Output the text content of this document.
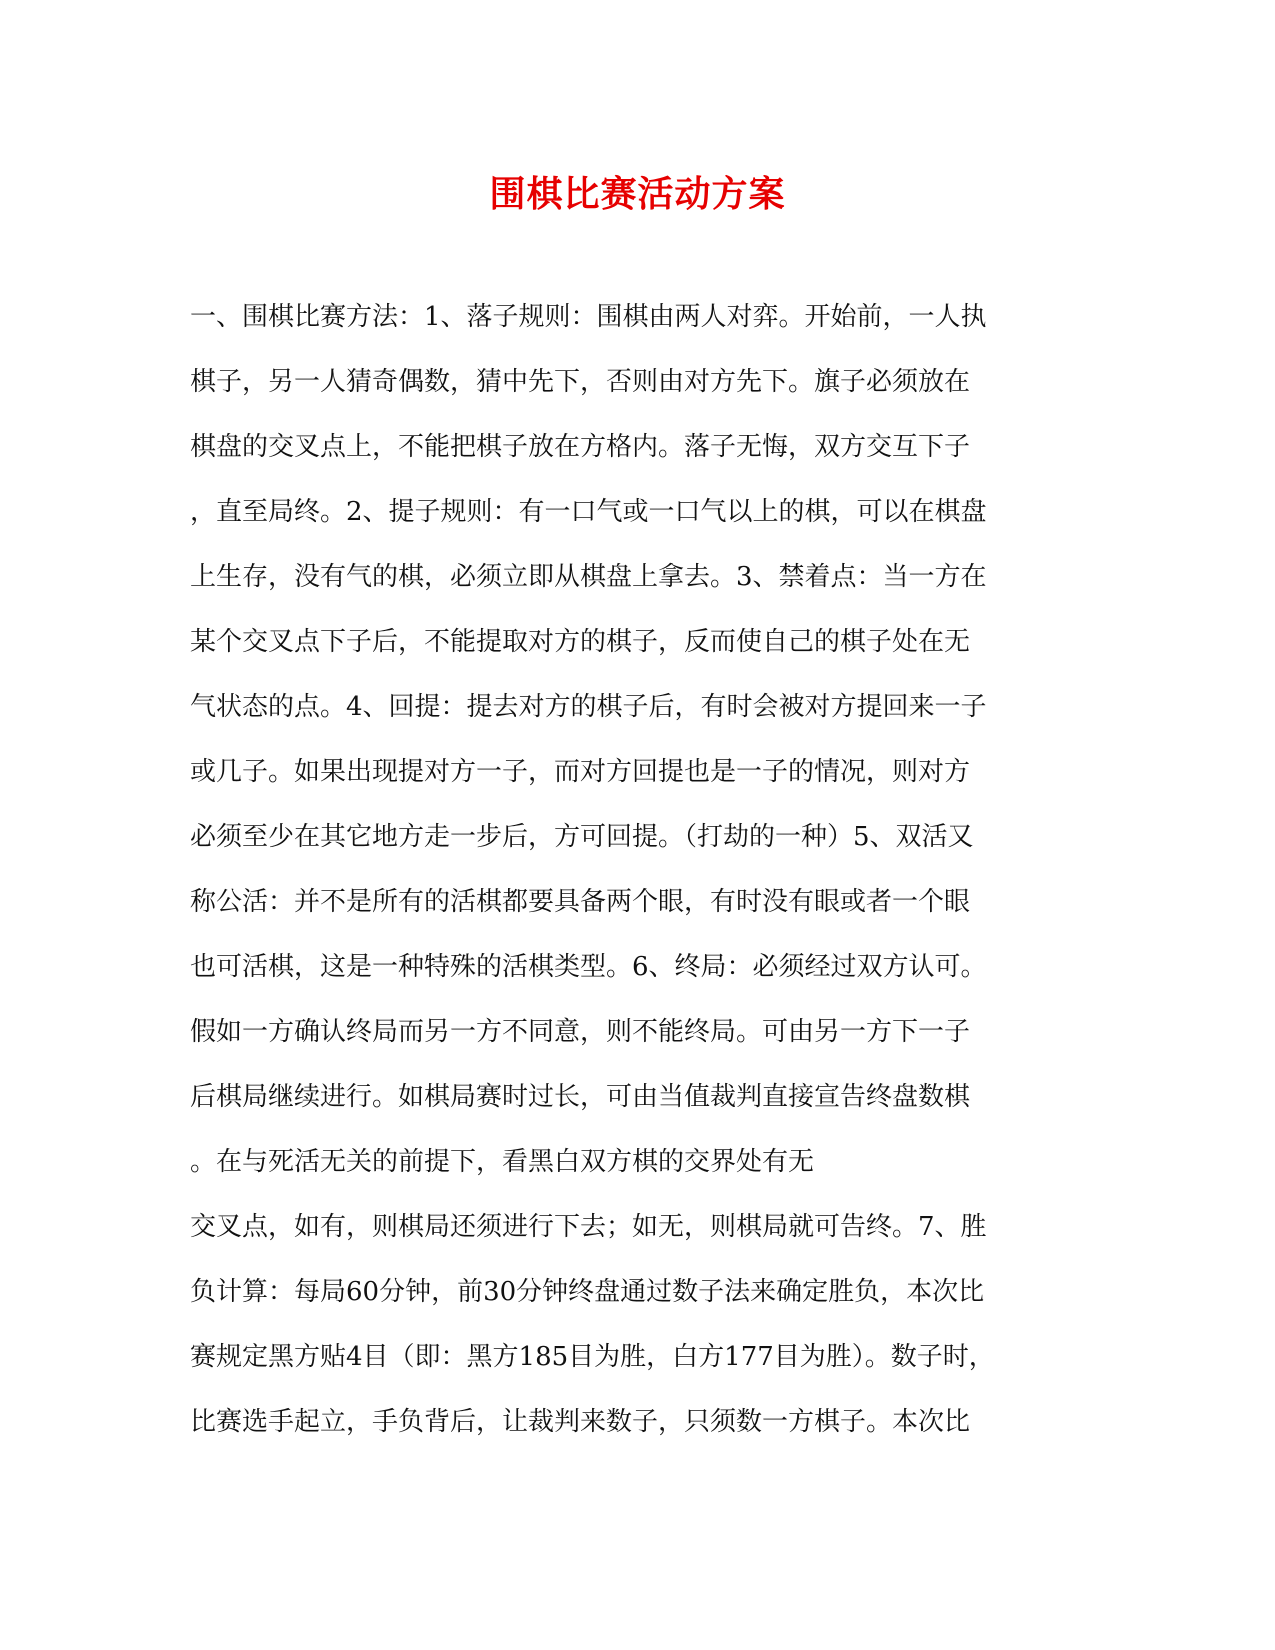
围棋比赛活动方案
一、围棋比赛方法：1、落子规则：围棋由两人对弈。开始前，一人执
棋子，另一人猜奇偶数，猜中先下，否则由对方先下。旗子必须放在
棋盘的交叉点上，不能把棋子放在方格内。落子无悔，双方交互下子
，直至局终。2、提子规则：有一口气或一口气以上的棋，可以在棋盘
上生存，没有气的棋，必须立即从棋盘上拿去。3、禁着点：当一方在
某个交叉点下子后，不能提取对方的棋子，反而使自己的棋子处在无
气状态的点。4、回提：提去对方的棋子后，有时会被对方提回来一子
或几子。如果出现提对方一子，而对方回提也是一子的情况，则对方
必须至少在其它地方走一步后，方可回提。（打劫的一种）5、双活又
称公活：并不是所有的活棋都要具备两个眼，有时没有眼或者一个眼
也可活棋，这是一种特殊的活棋类型。6、终局：必须经过双方认可。
假如一方确认终局而另一方不同意，则不能终局。可由另一方下一子
后棋局继续进行。如棋局赛时过长，可由当值裁判直接宣告终盘数棋
。在与死活无关的前提下，看黑白双方棋的交界处有无
交叉点，如有，则棋局还须进行下去；如无，则棋局就可告终。7、胜
负计算：每局60分钟，前30分钟终盘通过数子法来确定胜负，本次比
赛规定黑方贴4目（即：黑方185目为胜，白方177目为胜）。数子时，
比赛选手起立，手负背后，让裁判来数子，只须数一方棋子。本次比
